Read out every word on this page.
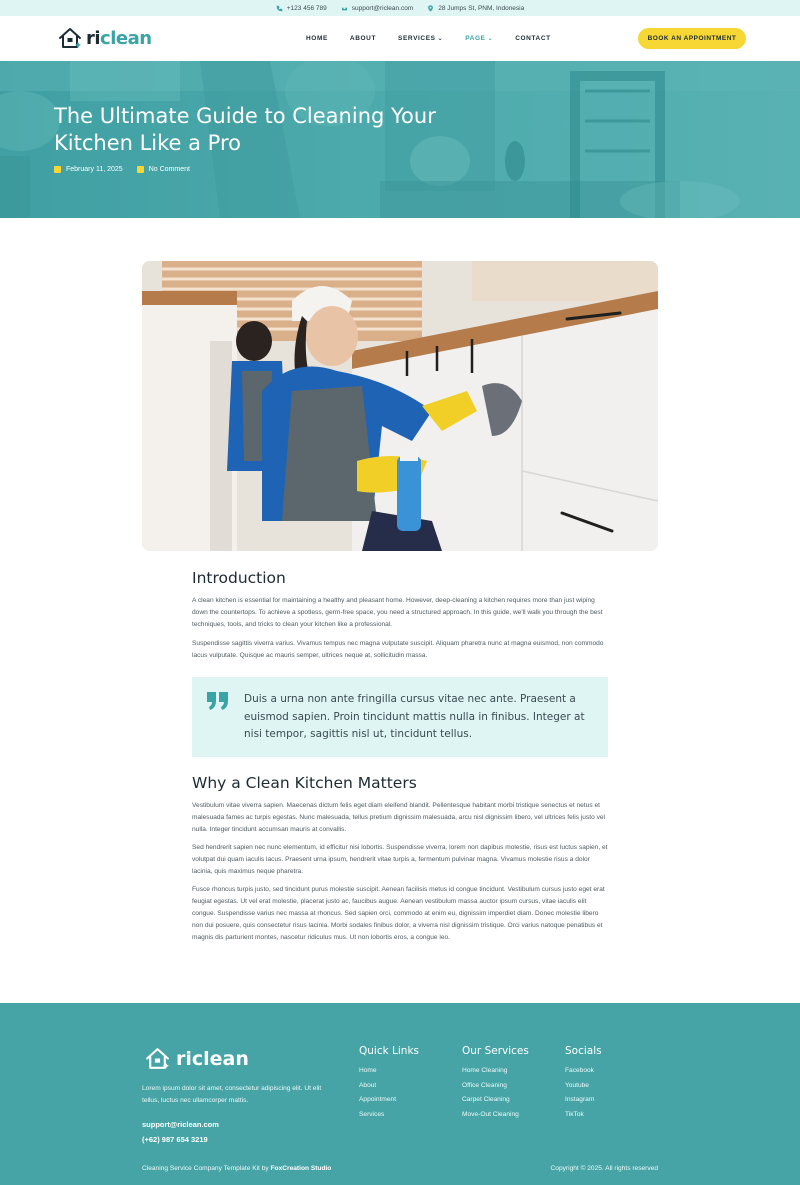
+123 456 789	support@riclean.com	28 Jumps St, PNM, Indonesia
riclean	HOME	ABOUT	SERVICES ⌄	PAGE ⌄	CONTACT	BOOK AN APPOINTMENT
The Ultimate Guide to Cleaning Your Kitchen Like a Pro
February 11, 2025	No Comment
Introduction

A clean kitchen is essential for maintaining a healthy and pleasant home. However, deep-cleaning a kitchen requires more than just wiping down the countertops. To achieve a spotless, germ-free space, you need a structured approach. In this guide, we'll walk you through the best techniques, tools, and tricks to clean your kitchen like a professional.

Suspendisse sagittis viverra varius. Vivamus tempus nec magna vulputate suscipit. Aliquam pharetra nunc at magna euismod, non commodo lacus vulputate. Quisque ac mauris semper, ultrices neque at, sollicitudin massa.

Duis a urna non ante fringilla cursus vitae nec ante. Praesent a euismod sapien. Proin tincidunt mattis nulla in finibus. Integer at nisi tempor, sagittis nisl ut, tincidunt tellus.

Why a Clean Kitchen Matters

Vestibulum vitae viverra sapien. Maecenas dictum felis eget diam eleifend blandit. Pellentesque habitant morbi tristique senectus et netus et malesuada fames ac turpis egestas. Nunc malesuada, tellus pretium dignissim malesuada, arcu nisl dignissim libero, vel ultrices felis justo vel nulla. Integer tincidunt accumsan mauris at convallis.

Sed hendrerit sapien nec nunc elementum, id efficitur nisi lobortis. Suspendisse viverra, lorem non dapibus molestie, risus est luctus sapien, et volutpat dui quam iaculis lacus. Praesent urna ipsum, hendrerit vitae turpis a, fermentum pulvinar magna. Vivamus molestie risus a dolor lacinia, quis maximus neque pharetra.

Fusce rhoncus turpis justo, sed tincidunt purus molestie suscipit. Aenean facilisis metus id congue tincidunt. Vestibulum cursus justo eget erat feugiat egestas. Ut vel erat molestie, placerat justo ac, faucibus augue. Aenean vestibulum massa auctor ipsum cursus, vitae iaculis elit congue. Suspendisse varius nec massa at rhoncus. Sed sapien orci, commodo at enim eu, dignissim imperdiet diam. Donec molestie libero non dui posuere, quis consectetur risus lacinia. Morbi sodales finibus dolor, a viverra nisl dignissim tristique. Orci varius natoque penatibus et magnis dis parturient montes, nascetur ridiculus mus. Ut non lobortis eros, a congue leo.

riclean

Lorem ipsum dolor sit amet, consectetur adipiscing elit. Ut elit tellus, luctus nec ullamcorper mattis.

support@riclean.com
(+62) 987 654 3219
Quick Links
Home
About
Appointment
Services
Our Services
Home Cleaning
Office Cleaning
Carpet Cleaning
Move-Out Cleaning
Socials
Facebook
Youtube
Instagram
TikTok
Cleaning Service Company Template Kit by FoxCreation Studio	Copyright © 2025. All rights reserved
